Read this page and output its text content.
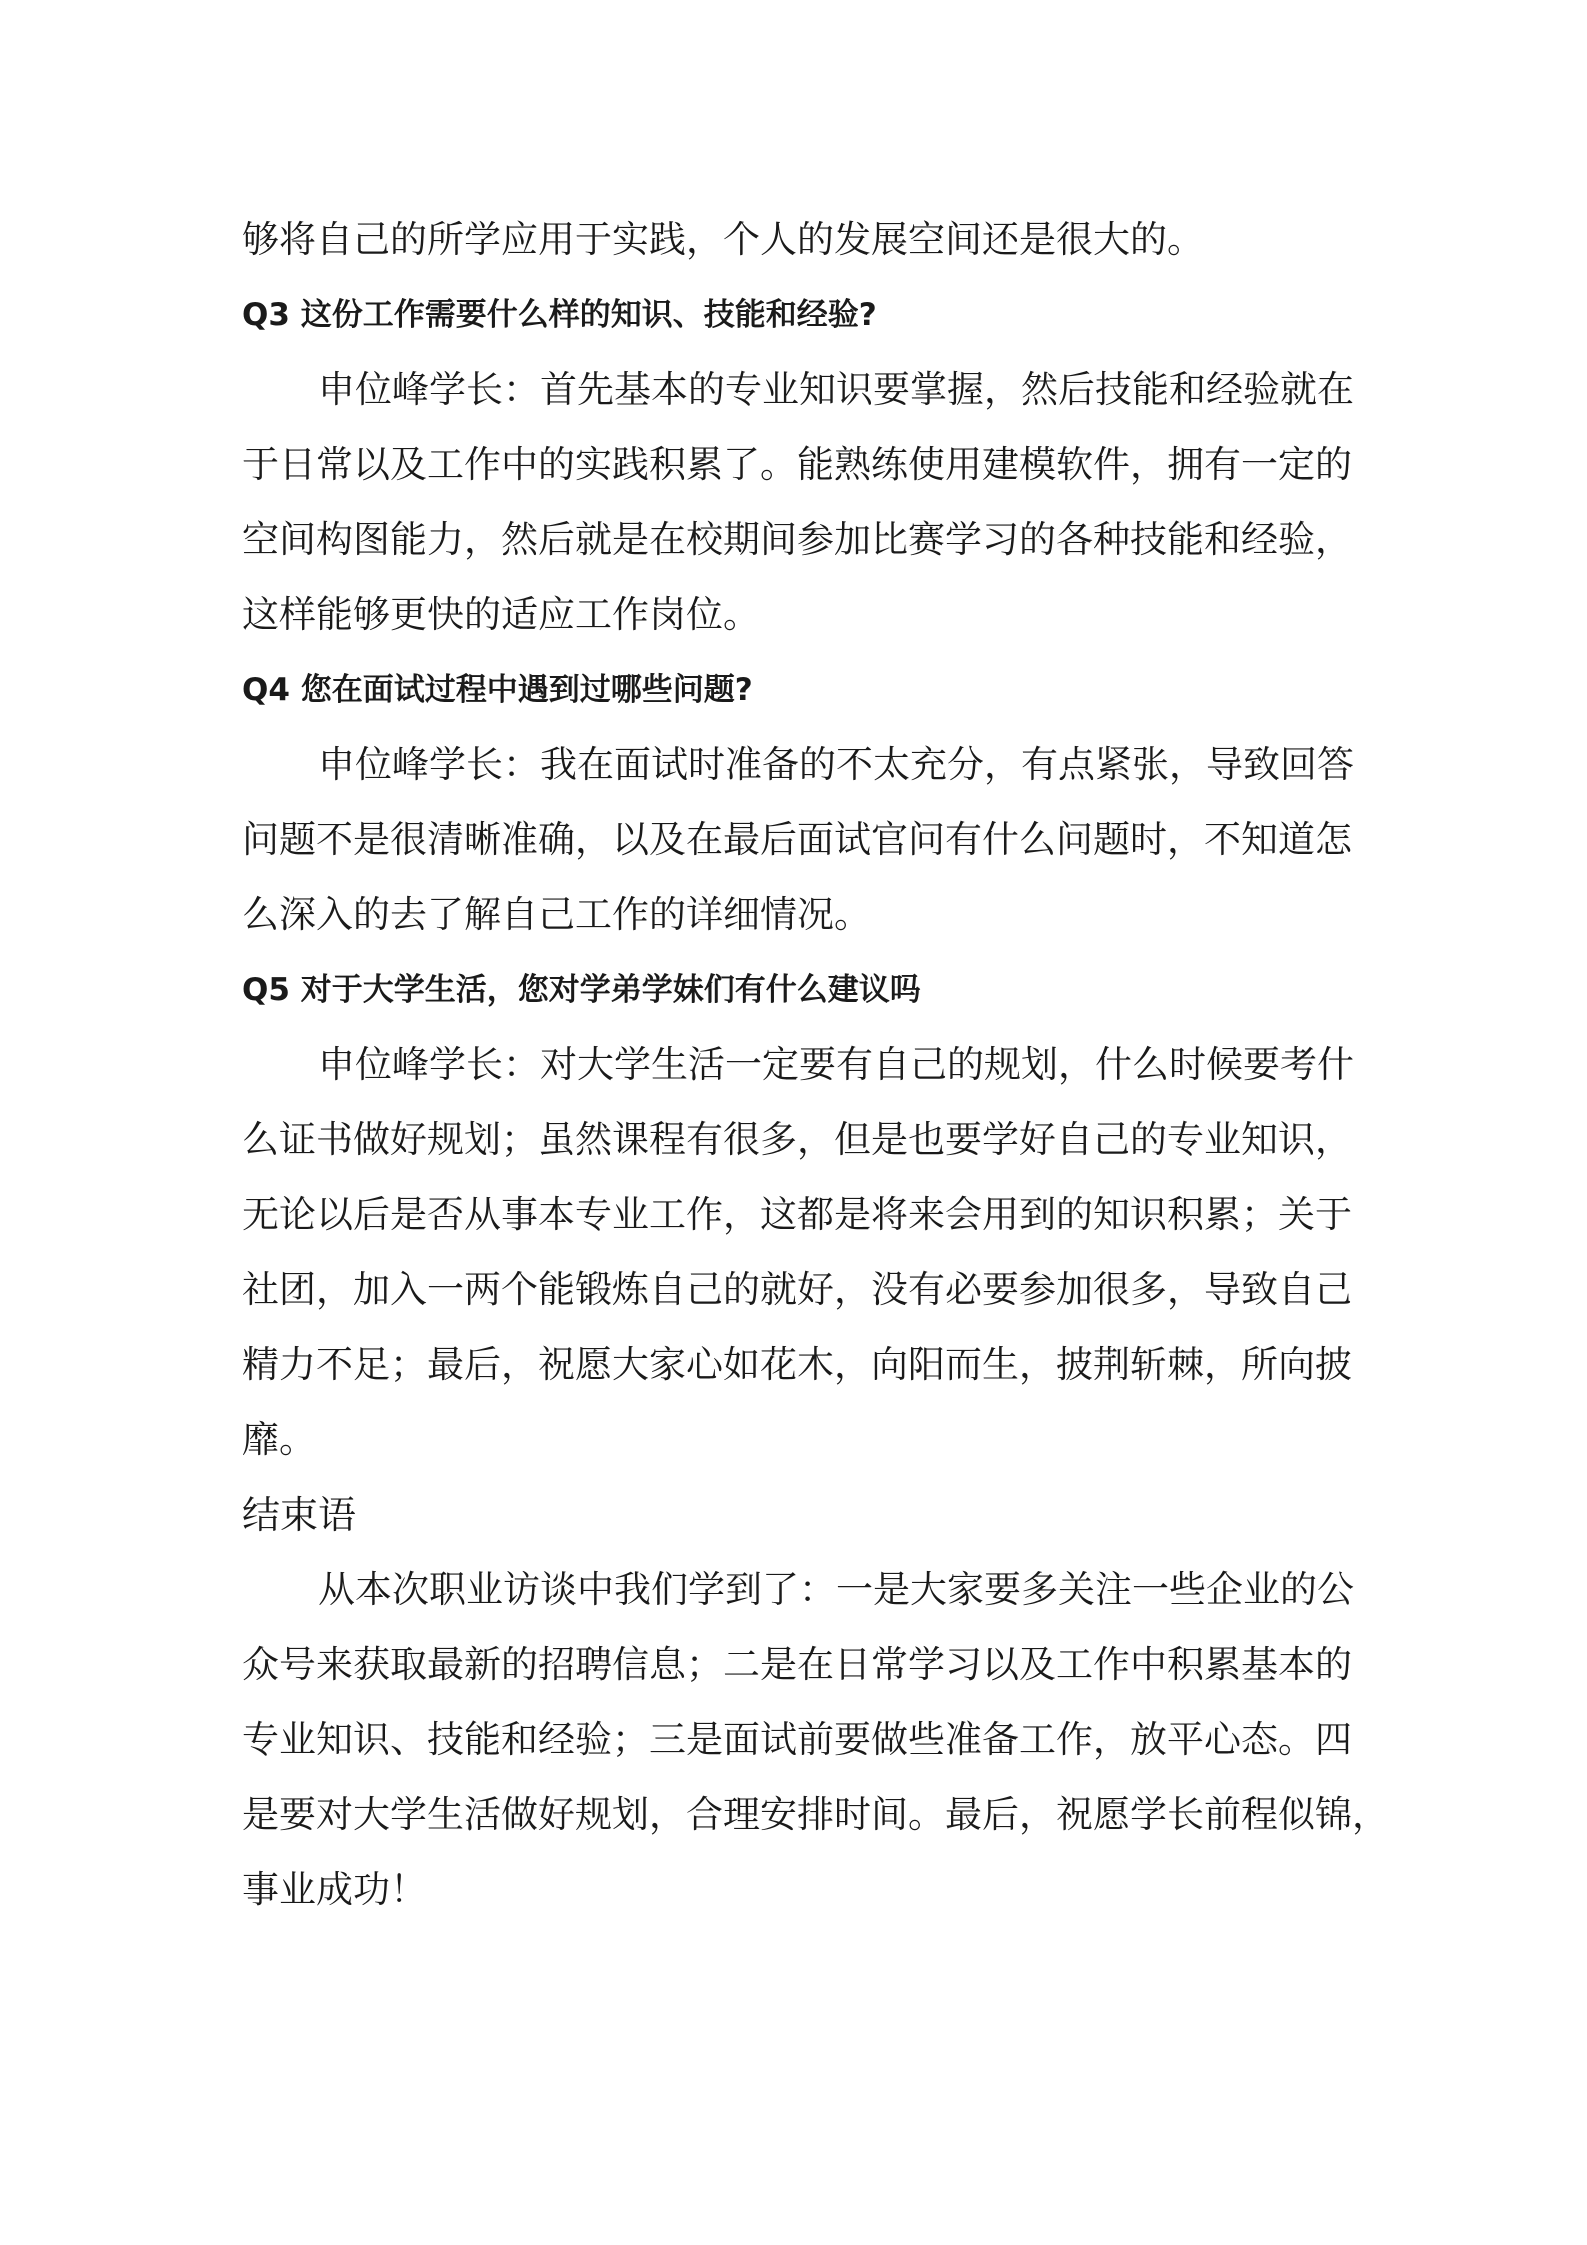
够将自己的所学应用于实践，个人的发展空间还是很大的。
Q3 这份工作需要什么样的知识、技能和经验?
申位峰学长：首先基本的专业知识要掌握，然后技能和经验就在
于日常以及工作中的实践积累了。能熟练使用建模软件，拥有一定的
空间构图能力，然后就是在校期间参加比赛学习的各种技能和经验，
这样能够更快的适应工作岗位。
Q4 您在面试过程中遇到过哪些问题?
申位峰学长：我在面试时准备的不太充分，有点紧张，导致回答
问题不是很清晰准确，以及在最后面试官问有什么问题时，不知道怎
么深入的去了解自己工作的详细情况。
Q5 对于大学生活，您对学弟学妹们有什么建议吗
申位峰学长：对大学生活一定要有自己的规划，什么时候要考什
么证书做好规划；虽然课程有很多，但是也要学好自己的专业知识，
无论以后是否从事本专业工作，这都是将来会用到的知识积累；关于
社团，加入一两个能锻炼自己的就好，没有必要参加很多，导致自己
精力不足；最后，祝愿大家心如花木，向阳而生，披荆斩棘，所向披
靡。
结束语
从本次职业访谈中我们学到了：一是大家要多关注一些企业的公
众号来获取最新的招聘信息；二是在日常学习以及工作中积累基本的
专业知识、技能和经验；三是面试前要做些准备工作，放平心态。四
是要对大学生活做好规划，合理安排时间。最后，祝愿学长前程似锦，
事业成功！
